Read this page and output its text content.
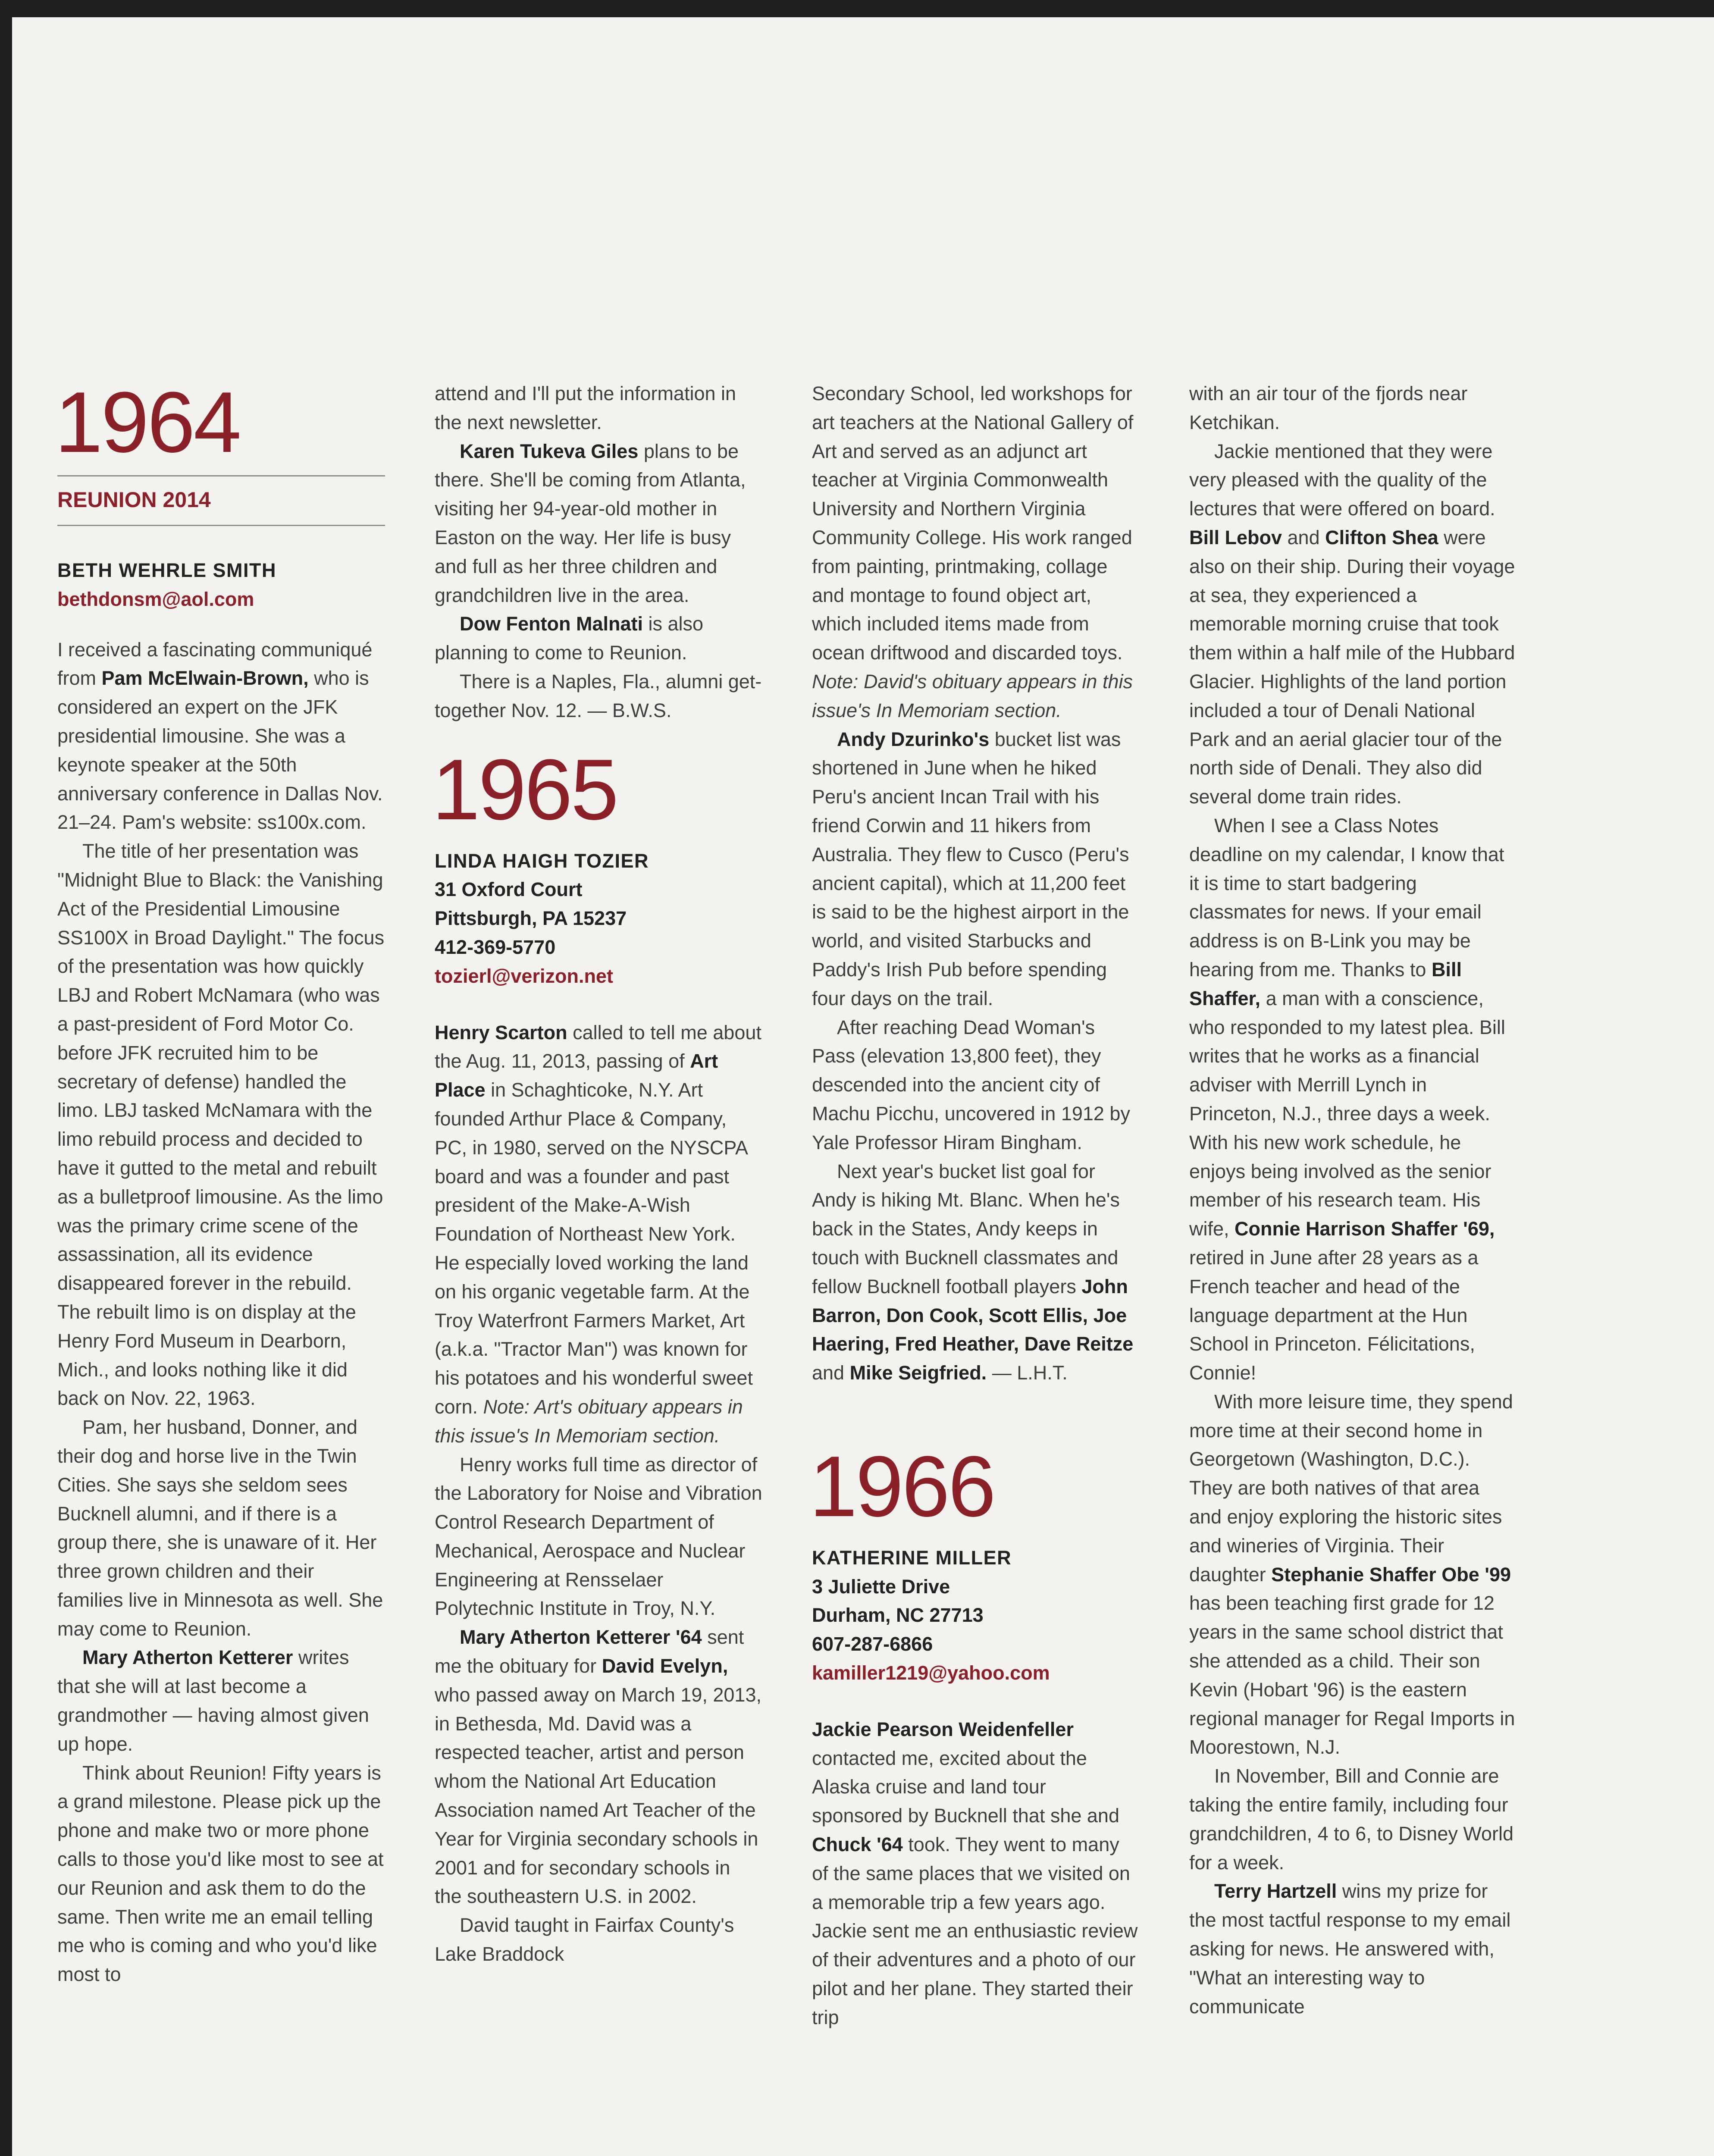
1964
REUNION 2014
BETH WEHRLE SMITH
bethdonsm@aol.com

I received a fascinating communiqué from Pam McElwain-Brown, who is considered an expert on the JFK presidential limousine. She was a keynote speaker at the 50th anniversary conference in Dallas Nov. 21–24. Pam's website: ss100x.com.

The title of her presentation was "Midnight Blue to Black: the Vanishing Act of the Presidential Limousine SS100X in Broad Daylight." The focus of the presentation was how quickly LBJ and Robert McNamara (who was a past-president of Ford Motor Co. before JFK recruited him to be secretary of defense) handled the limo. LBJ tasked McNamara with the limo rebuild process and decided to have it gutted to the metal and rebuilt as a bulletproof limousine. As the limo was the primary crime scene of the assassination, all its evidence disappeared forever in the rebuild. The rebuilt limo is on display at the Henry Ford Museum in Dearborn, Mich., and looks nothing like it did back on Nov. 22, 1963.

Pam, her husband, Donner, and their dog and horse live in the Twin Cities. She says she seldom sees Bucknell alumni, and if there is a group there, she is unaware of it. Her three grown children and their families live in Minnesota as well. She may come to Reunion.

Mary Atherton Ketterer writes that she will at last become a grandmother — having almost given up hope.

Think about Reunion! Fifty years is a grand milestone. Please pick up the phone and make two or more phone calls to those you'd like most to see at our Reunion and ask them to do the same. Then write me an email telling me who is coming and who you'd like most to

attend and I'll put the information in the next newsletter.

Karen Tukeva Giles plans to be there. She'll be coming from Atlanta, visiting her 94-year-old mother in Easton on the way. Her life is busy and full as her three children and grandchildren live in the area.

Dow Fenton Malnati is also planning to come to Reunion.

There is a Naples, Fla., alumni get-together Nov. 12. — B.W.S.

1965
LINDA HAIGH TOZIER
31 Oxford Court
Pittsburgh, PA 15237
412-369-5770
tozierl@verizon.net

Henry Scarton called to tell me about the Aug. 11, 2013, passing of Art Place in Schaghticoke, N.Y. Art founded Arthur Place & Company, PC, in 1980, served on the NYSCPA board and was a founder and past president of the Make-A-Wish Foundation of Northeast New York. He especially loved working the land on his organic vegetable farm. At the Troy Waterfront Farmers Market, Art (a.k.a. "Tractor Man") was known for his potatoes and his wonderful sweet corn. Note: Art's obituary appears in this issue's In Memoriam section.

Henry works full time as director of the Laboratory for Noise and Vibration Control Research Department of Mechanical, Aerospace and Nuclear Engineering at Rensselaer Polytechnic Institute in Troy, N.Y.

Mary Atherton Ketterer '64 sent me the obituary for David Evelyn, who passed away on March 19, 2013, in Bethesda, Md. David was a respected teacher, artist and person whom the National Art Education Association named Art Teacher of the Year for Virginia secondary schools in 2001 and for secondary schools in the southeastern U.S. in 2002.

David taught in Fairfax County's Lake Braddock

Secondary School, led workshops for art teachers at the National Gallery of Art and served as an adjunct art teacher at Virginia Commonwealth University and Northern Virginia Community College. His work ranged from painting, printmaking, collage and montage to found object art, which included items made from ocean driftwood and discarded toys. Note: David's obituary appears in this issue's In Memoriam section.

Andy Dzurinko's bucket list was shortened in June when he hiked Peru's ancient Incan Trail with his friend Corwin and 11 hikers from Australia. They flew to Cusco (Peru's ancient capital), which at 11,200 feet is said to be the highest airport in the world, and visited Starbucks and Paddy's Irish Pub before spending four days on the trail.

After reaching Dead Woman's Pass (elevation 13,800 feet), they descended into the ancient city of Machu Picchu, uncovered in 1912 by Yale Professor Hiram Bingham.

Next year's bucket list goal for Andy is hiking Mt. Blanc. When he's back in the States, Andy keeps in touch with Bucknell classmates and fellow Bucknell football players John Barron, Don Cook, Scott Ellis, Joe Haering, Fred Heather, Dave Reitze and Mike Seigfried. — L.H.T.

1966
KATHERINE MILLER
3 Juliette Drive
Durham, NC 27713
607-287-6866
kamiller1219@yahoo.com

Jackie Pearson Weidenfeller contacted me, excited about the Alaska cruise and land tour sponsored by Bucknell that she and Chuck '64 took. They went to many of the same places that we visited on a memorable trip a few years ago. Jackie sent me an enthusiastic review of their adventures and a photo of our pilot and her plane. They started their trip

with an air tour of the fjords near Ketchikan.

Jackie mentioned that they were very pleased with the quality of the lectures that were offered on board. Bill Lebov and Clifton Shea were also on their ship. During their voyage at sea, they experienced a memorable morning cruise that took them within a half mile of the Hubbard Glacier. Highlights of the land portion included a tour of Denali National Park and an aerial glacier tour of the north side of Denali. They also did several dome train rides.

When I see a Class Notes deadline on my calendar, I know that it is time to start badgering classmates for news. If your email address is on B-Link you may be hearing from me. Thanks to Bill Shaffer, a man with a conscience, who responded to my latest plea. Bill writes that he works as a financial adviser with Merrill Lynch in Princeton, N.J., three days a week. With his new work schedule, he enjoys being involved as the senior member of his research team. His wife, Connie Harrison Shaffer '69, retired in June after 28 years as a French teacher and head of the language department at the Hun School in Princeton. Félicitations, Connie!

With more leisure time, they spend more time at their second home in Georgetown (Washington, D.C.). They are both natives of that area and enjoy exploring the historic sites and wineries of Virginia. Their daughter Stephanie Shaffer Obe '99 has been teaching first grade for 12 years in the same school district that she attended as a child. Their son Kevin (Hobart '96) is the eastern regional manager for Regal Imports in Moorestown, N.J.

In November, Bill and Connie are taking the entire family, including four grandchildren, 4 to 6, to Disney World for a week.

Terry Hartzell wins my prize for the most tactful response to my email asking for news. He answered with, "What an interesting way to communicate
